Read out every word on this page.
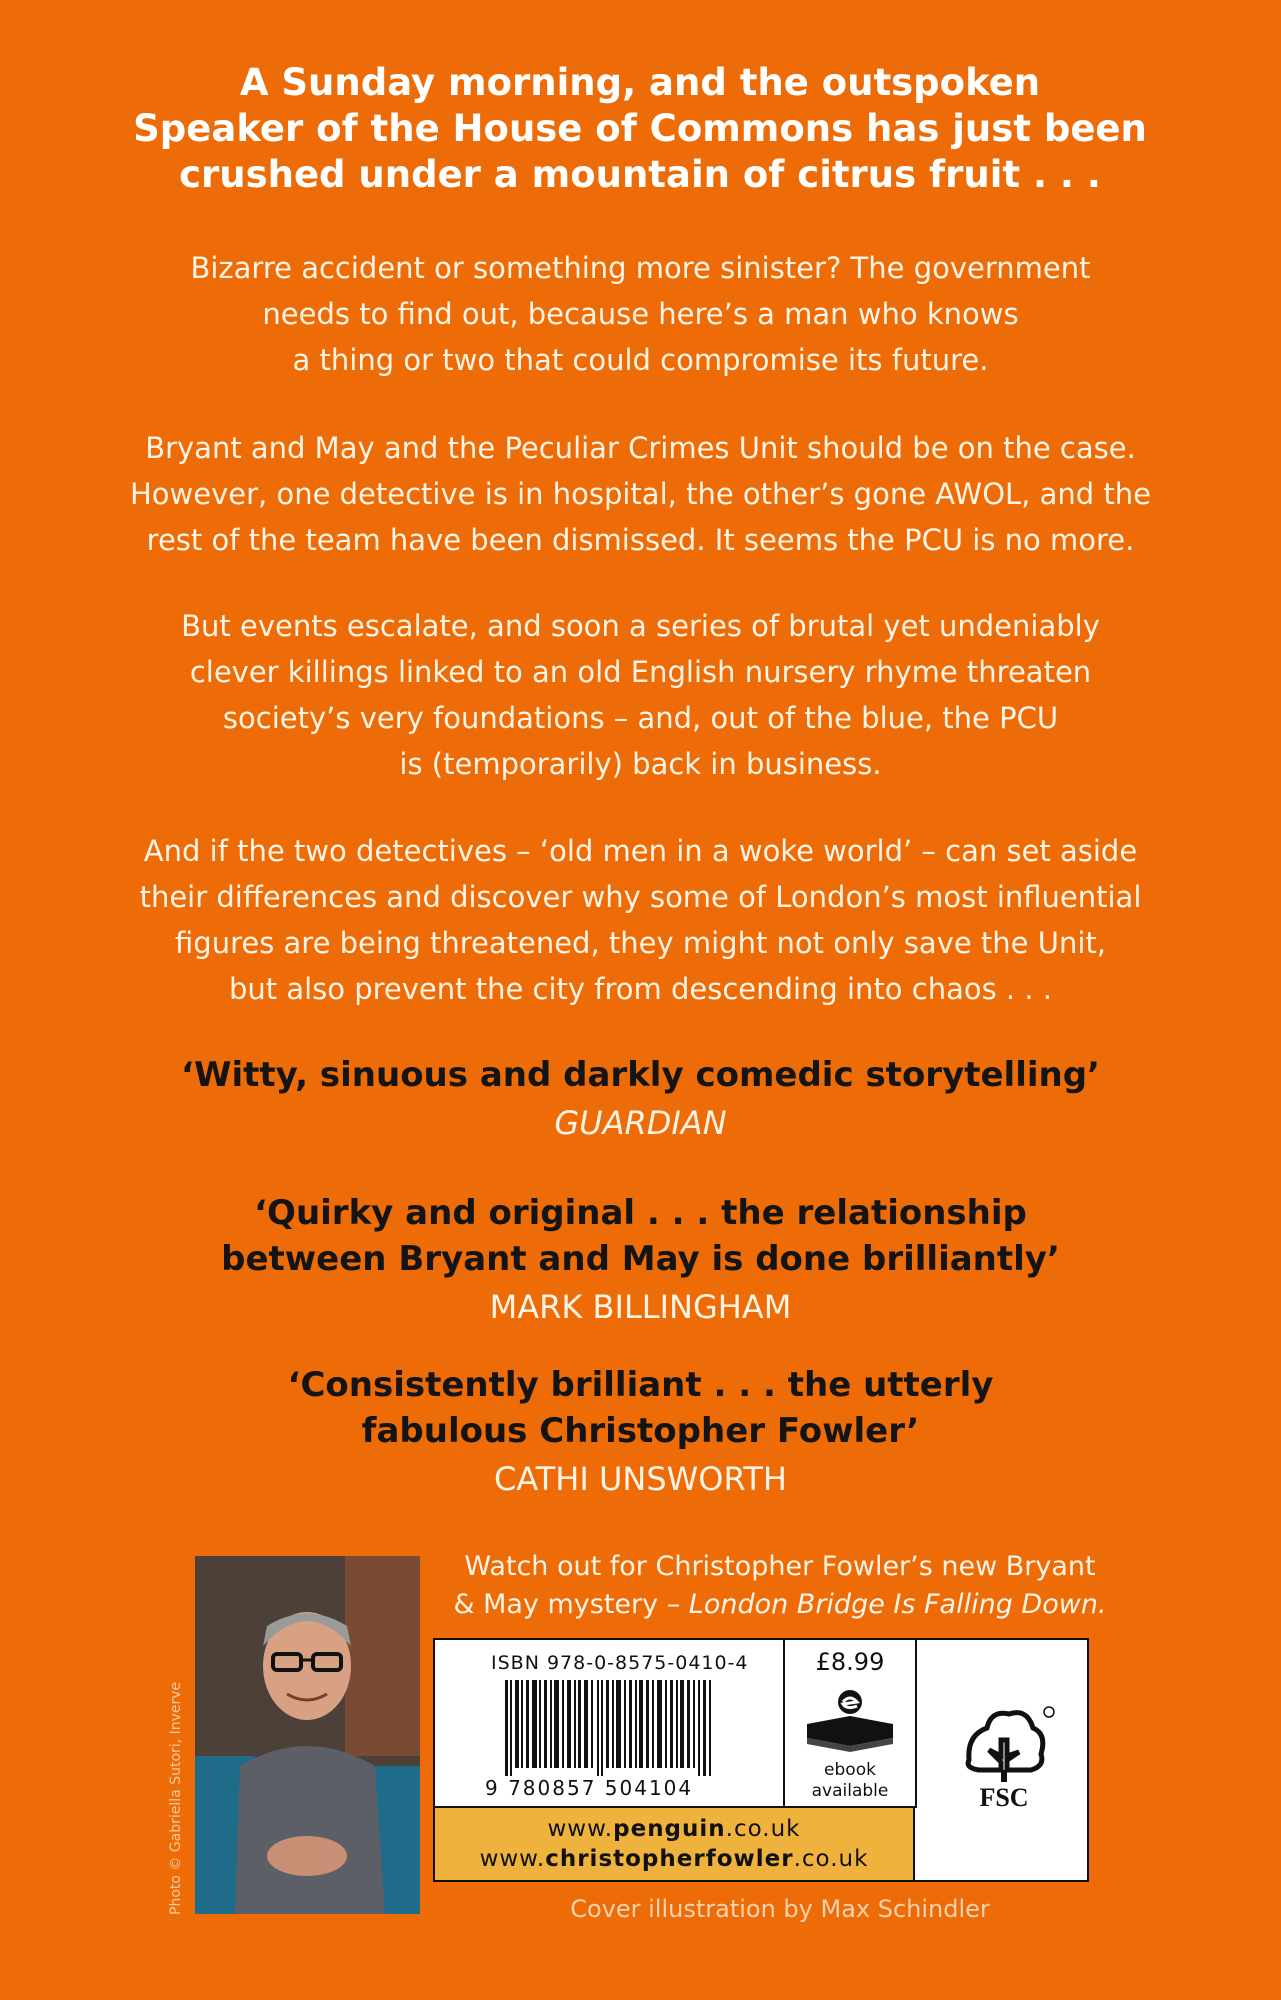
A Sunday morning, and the outspoken
Speaker of the House of Commons has just been
crushed under a mountain of citrus fruit . . .
Bizarre accident or something more sinister? The government
needs to find out, because here’s a man who knows
a thing or two that could compromise its future.
Bryant and May and the Peculiar Crimes Unit should be on the case.
However, one detective is in hospital, the other’s gone AWOL, and the
rest of the team have been dismissed. It seems the PCU is no more.
But events escalate, and soon a series of brutal yet undeniably
clever killings linked to an old English nursery rhyme threaten
society’s very foundations – and, out of the blue, the PCU
is (temporarily) back in business.
And if the two detectives – ‘old men in a woke world’ – can set aside
their differences and discover why some of London’s most influential
figures are being threatened, they might not only save the Unit,
but also prevent the city from descending into chaos . . .
‘Witty, sinuous and darkly comedic storytelling’
GUARDIAN
‘Quirky and original . . . the relationship
between Bryant and May is done brilliantly’
MARK BILLINGHAM
‘Consistently brilliant . . . the utterly
fabulous Christopher Fowler’
CATHI UNSWORTH
Photo © Gabriella Sutori, Inverve
Watch out for Christopher Fowler’s new Bryant
& May mystery – London Bridge Is Falling Down.
ISBN 978-0-8575-0410-4
9 780857 504104
£8.99
ebook
available	FSC
www.penguin.co.uk
www.christopherfowler.co.uk
Cover illustration by Max Schindler
